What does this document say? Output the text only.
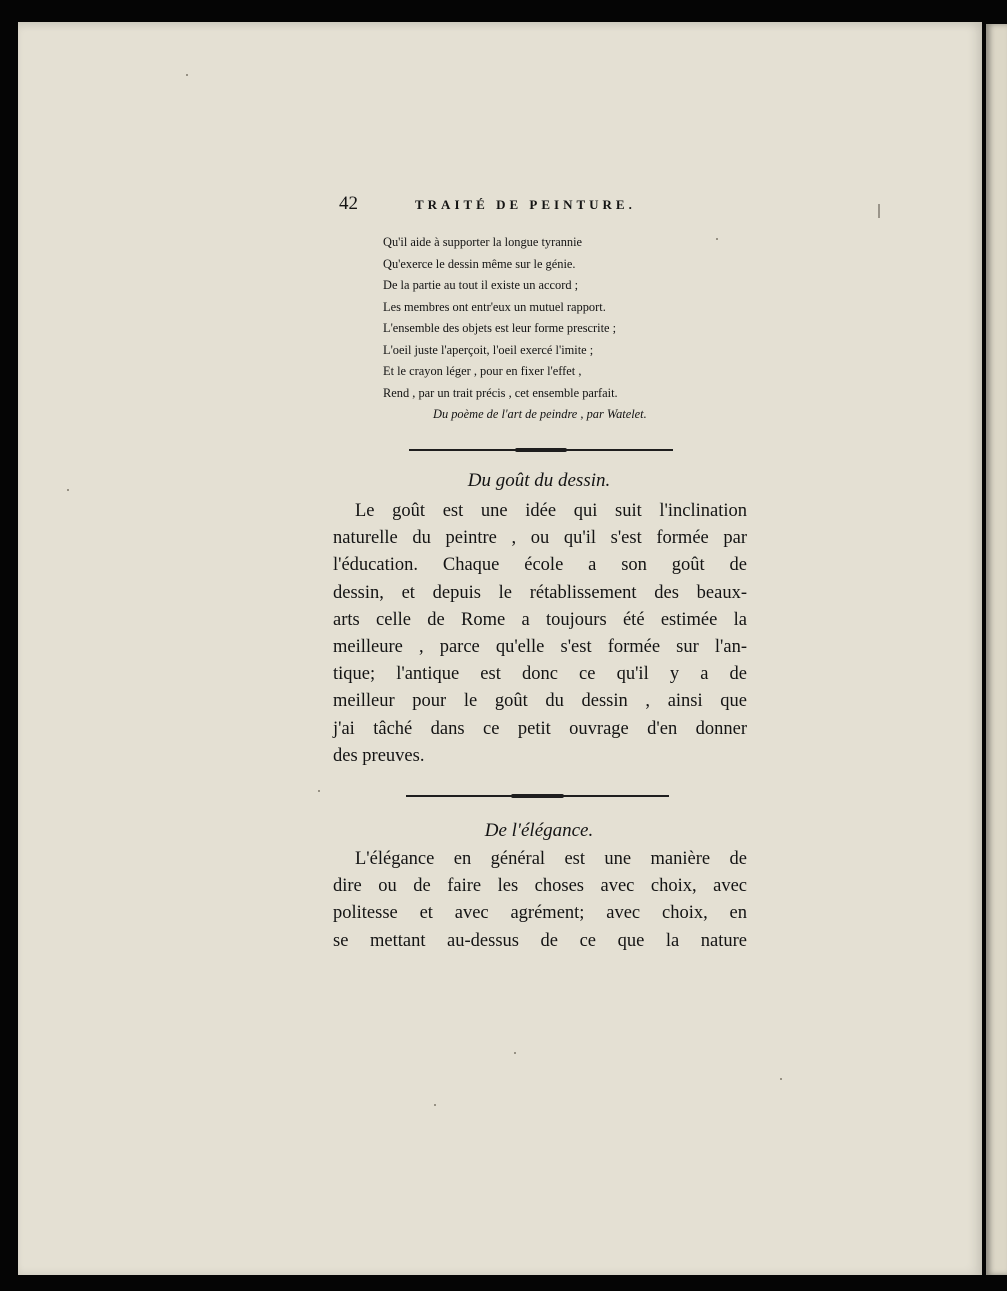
42	TRAITÉ DE PEINTURE.
Qu'il aide à supporter la longue tyrannie
Qu'exerce le dessin même sur le génie.
De la partie au tout il existe un accord ;
Les membres ont entr'eux un mutuel rapport.
L'ensemble des objets est leur forme prescrite ;
L'oeil juste l'aperçoit, l'oeil exercé l'imite ;
Et le crayon léger , pour en fixer l'effet ,
Rend , par un trait précis , cet ensemble parfait.
Du poème de l'art de peindre , par Watelet.
Du goût du dessin.
Le goût est une idée qui suit l'inclination
naturelle du peintre , ou qu'il s'est formée par
l'éducation. Chaque école a son goût de
dessin, et depuis le rétablissement des beaux-
arts celle de Rome a toujours été estimée la
meilleure , parce qu'elle s'est formée sur l'an-
tique; l'antique est donc ce qu'il y a de
meilleur pour le goût du dessin , ainsi que
j'ai tâché dans ce petit ouvrage d'en donner
des preuves.
De l'élégance.
L'élégance en général est une manière de
dire ou de faire les choses avec choix, avec
politesse et avec agrément; avec choix, en
se mettant au-dessus de ce que la nature
